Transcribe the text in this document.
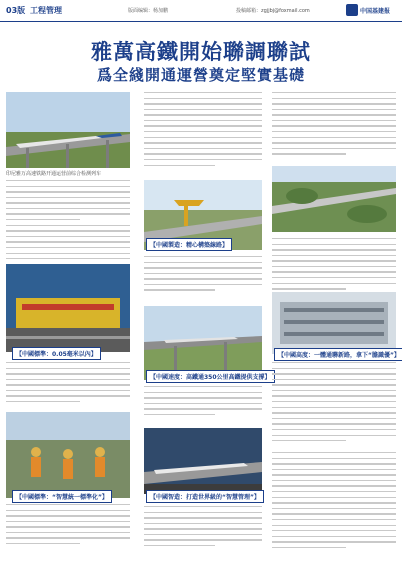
03版 工程管理	版面编辑：杨加鹏	投稿邮箱：zgjjbj@foxmail.com	中国基建报
雅萬高鐵開始聯調聯試
爲全綫開通運營奠定堅實基礎
印尼雅万高速铁路开通运营前综合检测列车
【中國製造：精心構築線路】
【中國標準：0.05毫米以內】
【中國速度：高鐵通350公里高鐵提供支撐】
【中國高度：一體通聯新路，拿下“膽識優”】
【中國標準：“智慧統一標準化”】	【中國智造：打造世界級的“智慧管理”】
